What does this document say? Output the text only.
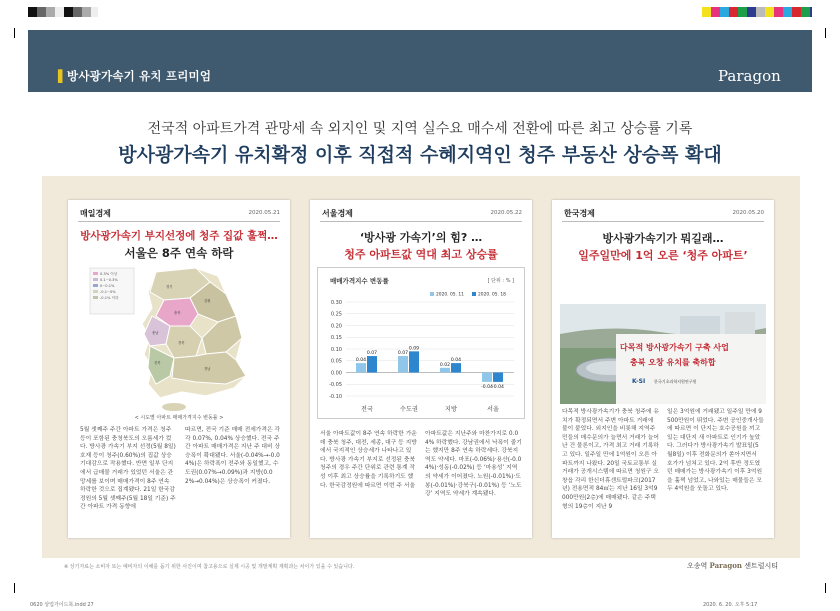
▌방사광가속기 유치 프리미엄	Paragon
전국적 아파트가격 관망세 속 외지인 및 지역 실수요 매수세 전환에 따른 최고 상승률 기록
방사광가속기 유치확정 이후 직접적 수혜지역인 청주 부동산 상승폭 확대
매일경제	2020.05.21
방사광가속기 부지선정에 청주 집값 훌쩍…
서울은 8주 연속 하락
0.3% 이상
0.1~0.3%
0~0.1%
-0.1~0%
-0.1% 이하
경기
강원
충북
충남
경북
전북
경남
< 시도별 아파트 매매가격지수 변동률 >
5월 셋째주 주간 아파트 가격은 청주 등이 포함된 충청북도의 오름세가 컸다. 방사광 가속기 부지 선정(5월 8일) 호재 등이 청주(0.60%)의 집값 상승 기대감으로 작용했다. 반면 일부 단지에서 급매물 거래가 있었던 서울은 관망세를 보이며 매매가격이 8주 연속 하락한 것으로 집계됐다. 21일 한국감정원의 5월 셋째주(5월 18일 기준) 주간 아파트 가격 동향에
따르면, 전국 기준 매매 전세가격은 각각 0.07%, 0.04% 상승했다. 전국 주간 아파트 매매가격은 지난 주 대비 상승폭이 확대됐다. 서울(-0.04%→-0.04%)은 하락폭이 전주와 동일했고, 수도권(0.07%→0.09%)과 지방(0.02%→0.04%)은 상승폭이 커졌다.
서울경제	2020.05.22
‘방사광 가속기’의 힘? …
청주 아파트값 역대 최고 상승률
매매가격지수 변동률	[ 단위 : % ]
0.30
0.25
0.20
0.15
0.10
0.05
0.00
-0.05
-0.10
2020. 05. 11	2020. 05. 18
0.04
0.07
전국
0.07
0.09
수도권
0.02
0.04
지방
-0.04 -0.04
서울
서울 아파트값이 8주 연속 하락한 가운데 충북 청주, 대전, 세종, 대구 등 지방에서 국지적인 상승세가 나타나고 있다. 방사광 가속기 부지로 선정된 충북 청주의 경우 주간 단위로 관련 통계 작성 이후 최고 상승률을 기록하기도 했다. 한국감정원에 따르면 이번 주 서울
아파트값은 지난주와 마찬가지로 0.04% 하락했다. 강남권에서 낙폭이 줄기는 했지만 8주 연속 하락세다. 강북지역도 약세다. 마포(-0.06%)·용산(-0.04%)·성동(-0.02%) 등 ‘마용성’ 지역의 약세가 이어졌다. 노원(-0.01%)·도봉(-0.01%)·강북구(-0.01%) 등 ‘노도강’ 지역도 약세가 계속됐다.
한국경제	2020.05.20
방사광가속기가 뭐길래…
일주일만에 1억 오른 ‘청주 아파트’
다목적 방사광가속기 구축 사업
충북 오창 유치를 축하합
K-SI 한국기초과학지원연구원
다목적 방사광가속기가 충북 청주에 유치가 확정되면서 주변 아파트 거래에 불이 붙었다. 외지인을 비롯해 지역주민들의 매수문의가 늘면서 거래가 늘어난 건 물론이고, 가격 최고 거래 기록하고 있다. 일주일 만에 1억원이 오른 아파트까지 나왔다. 20일 국토교통부 실거래가 공개시스템에 따르면 청원구 오창읍 각리 한신더휴센트럴파크(2017년) 전용면적 84㎡는 지난 16일 3억9000만원(2층)에 매매됐다. 같은 주택형의 19층이 지난 9
일은 3억원에 거래됐고 일주일 만에 9500만원이 뛰었다. 주변 공인중개사들에 따르면 이 단지는 호수공원을 끼고 있는 대단지 새 아파트로 인기가 높았다. 그러다가 방사광가속기 발표일(5월8일) 이후 전화문의가 쏟아지면서 호가가 넘쳐고 있다. 2억 후반 정도였던 매매가는 방사광가속기 이후 3억원을 훌쩍 넘었고, 나와있는 매물들은 모두 4억원을 웃돌고 있다.
※ 상기자료는 소비자 또는 예비자의 이해를 돕기 위한 사진이며 참고용으로 실제 시공 및 개발계획 계획과는 차이가 있을 수 있습니다.	오송역 Paragon 센트럴시티
0620 상업가이드북.indd 27	2020. 6. 20. 오후 5:17
